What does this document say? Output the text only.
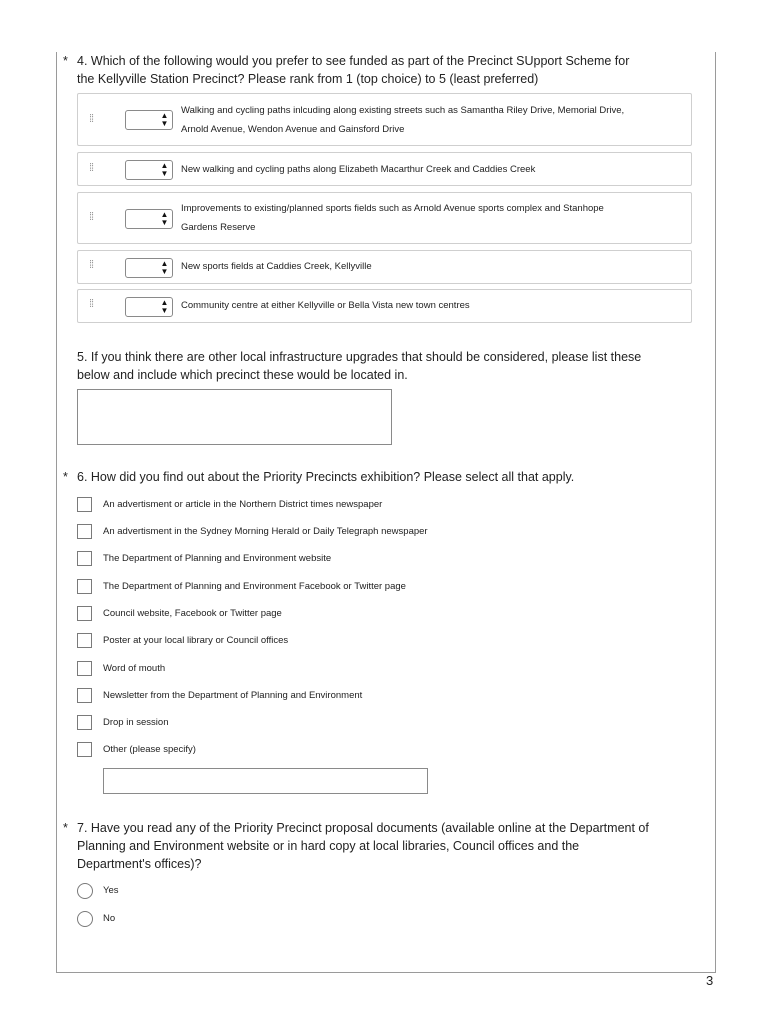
* 4. Which of the following would you prefer to see funded as part of the Precinct SUpport Scheme for
the Kellyville Station Precinct? Please rank from 1 (top choice) to 5 (least preferred)
⁞⁞	▲
▼
Walking and cycling paths inlcuding along existing streets such as Samantha Riley Drive, Memorial Drive,
Arnold Avenue, Wendon Avenue and Gainsford Drive
⁞⁞	▲
▼ New walking and cycling paths along Elizabeth Macarthur Creek and Caddies Creek
⁞⁞	▲
▼
Improvements to existing/planned sports fields such as Arnold Avenue sports complex and Stanhope
Gardens Reserve
⁞⁞	▲
▼ New sports fields at Caddies Creek, Kellyville
⁞⁞	▲
▼ Community centre at either Kellyville or Bella Vista new town centres
5. If you think there are other local infrastructure upgrades that should be considered, please list these
below and include which precinct these would be located in.
* 6. How did you find out about the Priority Precincts exhibition? Please select all that apply.
An advertisment or article in the Northern District times newspaper
An advertisment in the Sydney Morning Herald or Daily Telegraph newspaper
The Department of Planning and Environment website
The Department of Planning and Environment Facebook or Twitter page
Council website, Facebook or Twitter page
Poster at your local library or Council offices
Word of mouth
Newsletter from the Department of Planning and Environment
Drop in session
Other (please specify)
* 7. Have you read any of the Priority Precinct proposal documents (available online at the Department of
Planning and Environment website or in hard copy at local libraries, Council offices and the
Department's offices)?
Yes
No
3
